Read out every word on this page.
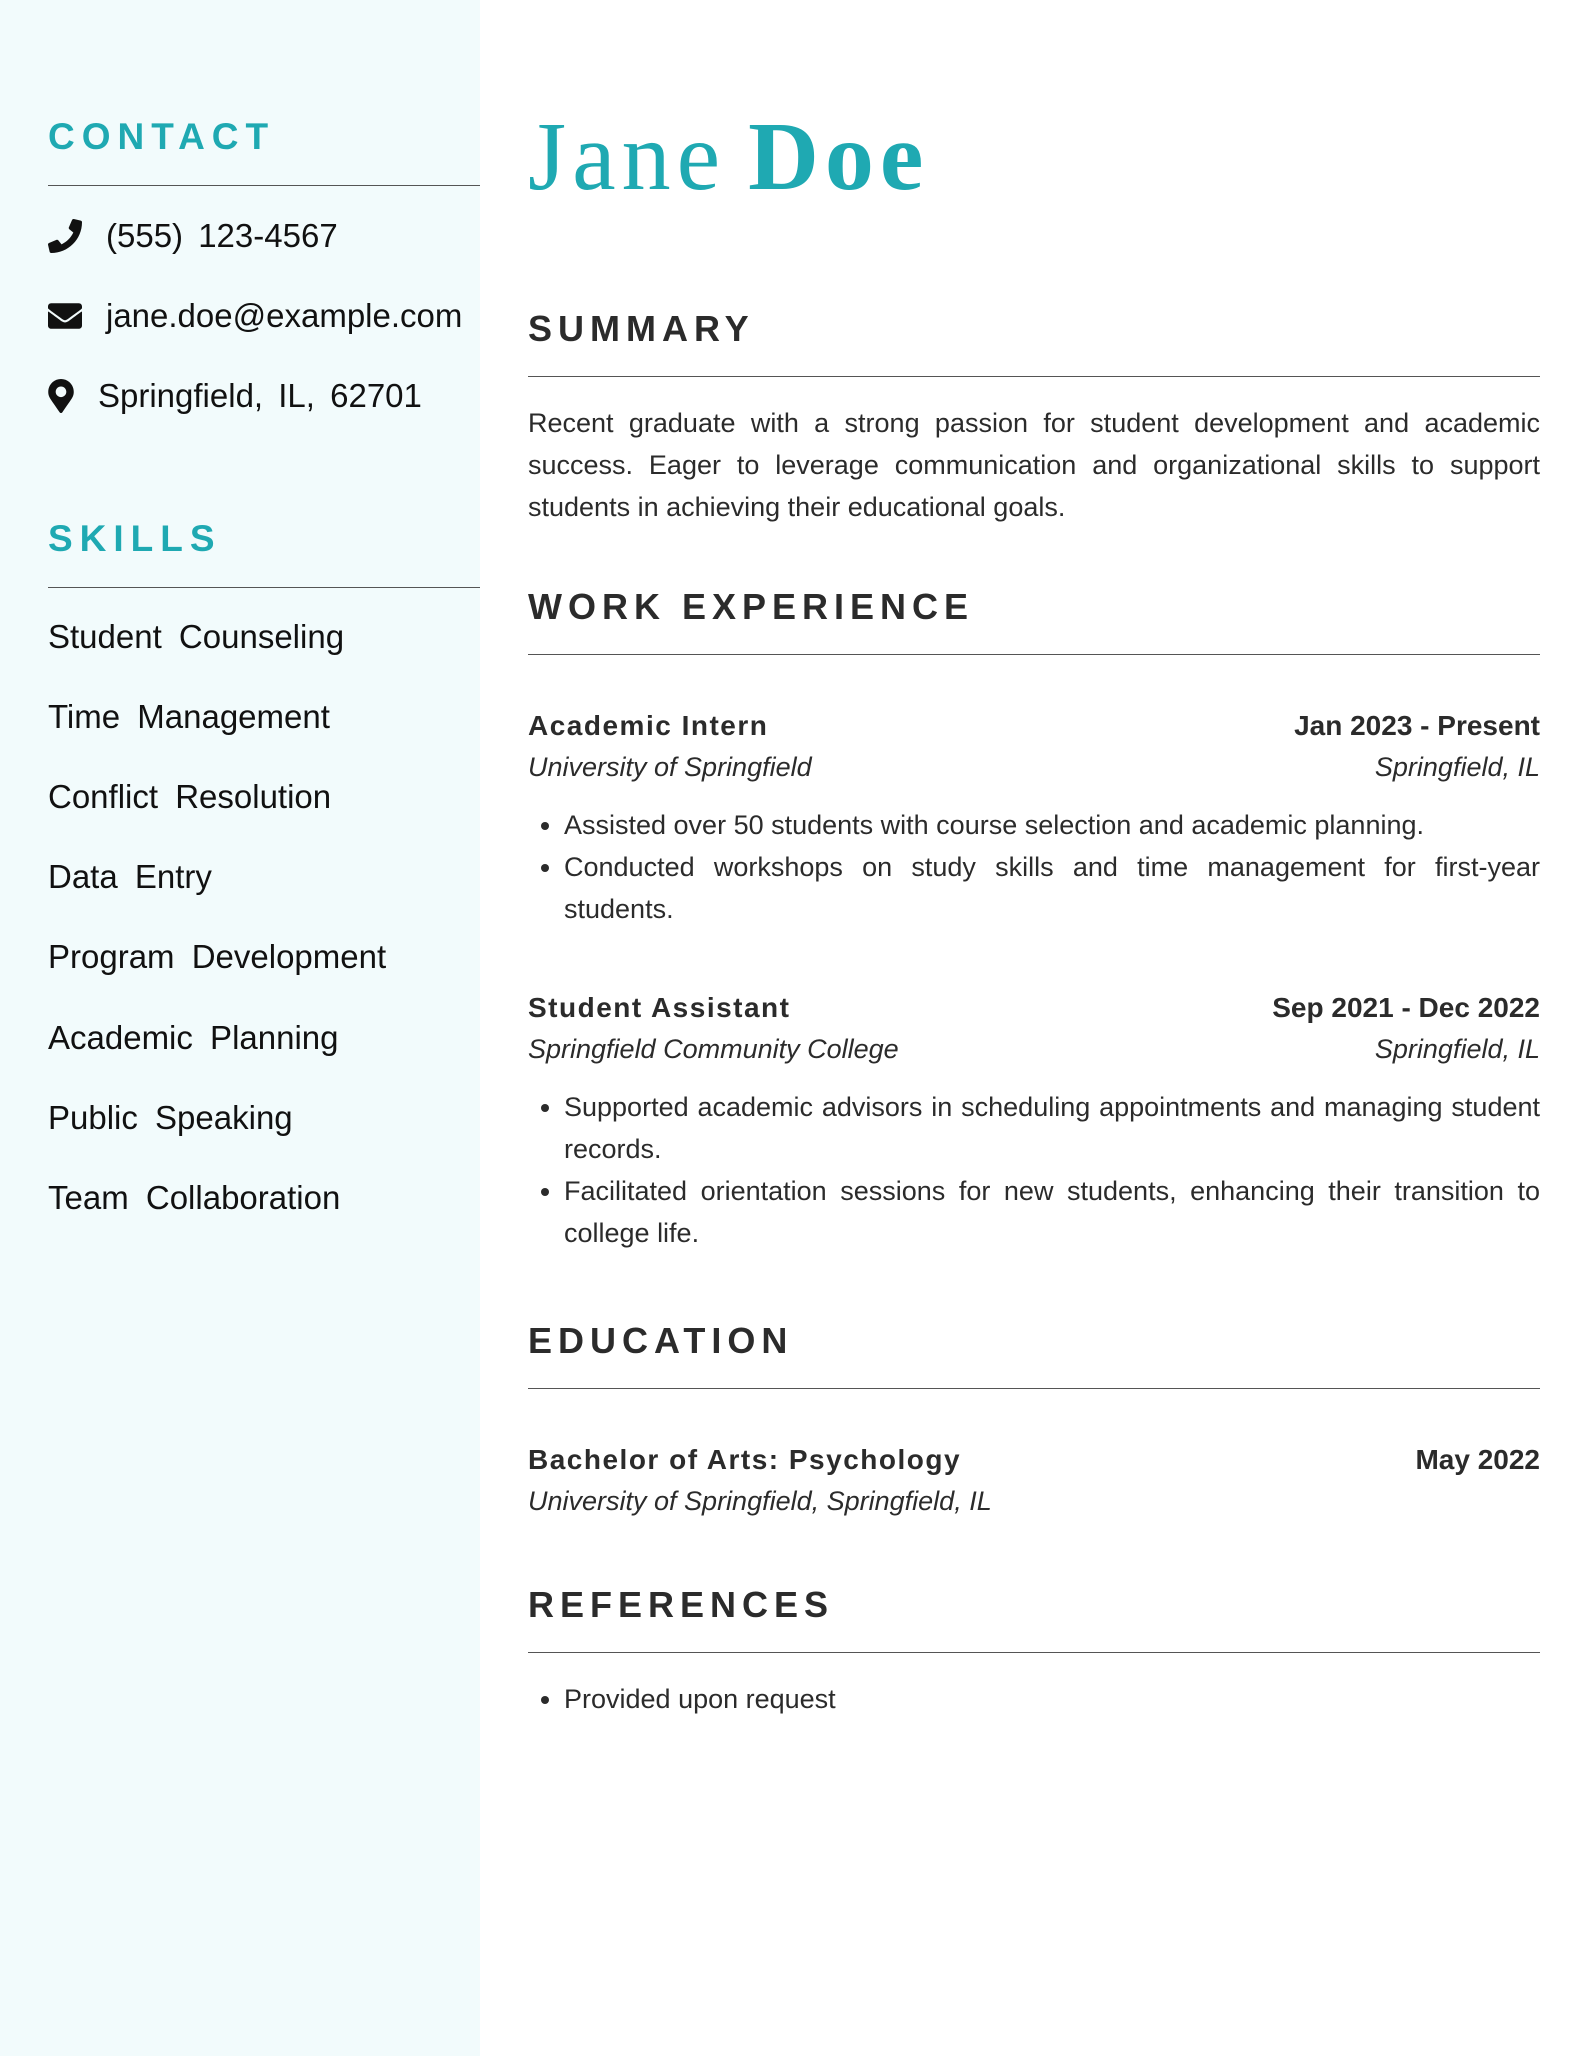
CONTACT
(555) 123-4567
jane.doe@example.com
Springfield, IL, 62701
SKILLS
Student Counseling
Time Management
Conflict Resolution
Data Entry
Program Development
Academic Planning
Public Speaking
Team Collaboration
Jane Doe
SUMMARY

Recent graduate with a strong passion for student development and academic success. Eager to leverage communication and organizational skills to support students in achieving their educational goals.

WORK EXPERIENCE
Academic Intern	Jan 2023 - Present
University of Springfield	Springfield, IL
• Assisted over 50 students with course selection and academic planning.
• Conducted workshops on study skills and time management for first-year students.
Student Assistant	Sep 2021 - Dec 2022
Springfield Community College	Springfield, IL
• Supported academic advisors in scheduling appointments and managing student records.
• Facilitated orientation sessions for new students, enhancing their transition to college life.
EDUCATION
Bachelor of Arts: Psychology	May 2022
University of Springfield, Springfield, IL
REFERENCES
• Provided upon request
